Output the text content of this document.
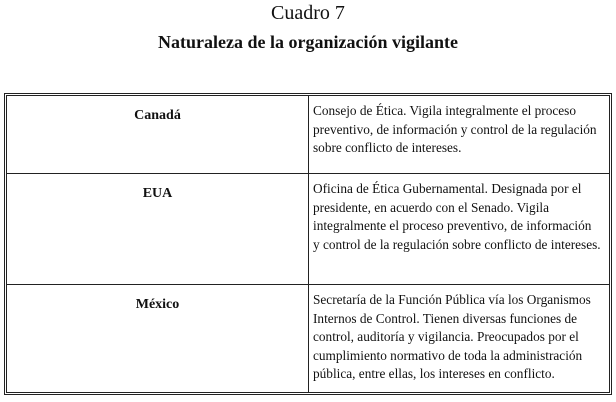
Cuadro 7
Naturaleza de la organización vigilante
Canadá	Consejo de Ética. Vigila integralmente el proceso preventivo, de información y control de la regulación sobre conflicto de intereses.
EUA	Oficina de Ética Gubernamental. Designada por el presidente, en acuerdo con el Senado. Vigila integralmente el proceso preventivo, de información y control de la regulación sobre conflicto de intereses.
México	Secretaría de la Función Pública vía los Organismos Internos de Control. Tienen diversas funciones de control, auditoría y vigilancia. Preocupados por el cumplimiento normativo de toda la administración pública, entre ellas, los intereses en conflicto.
